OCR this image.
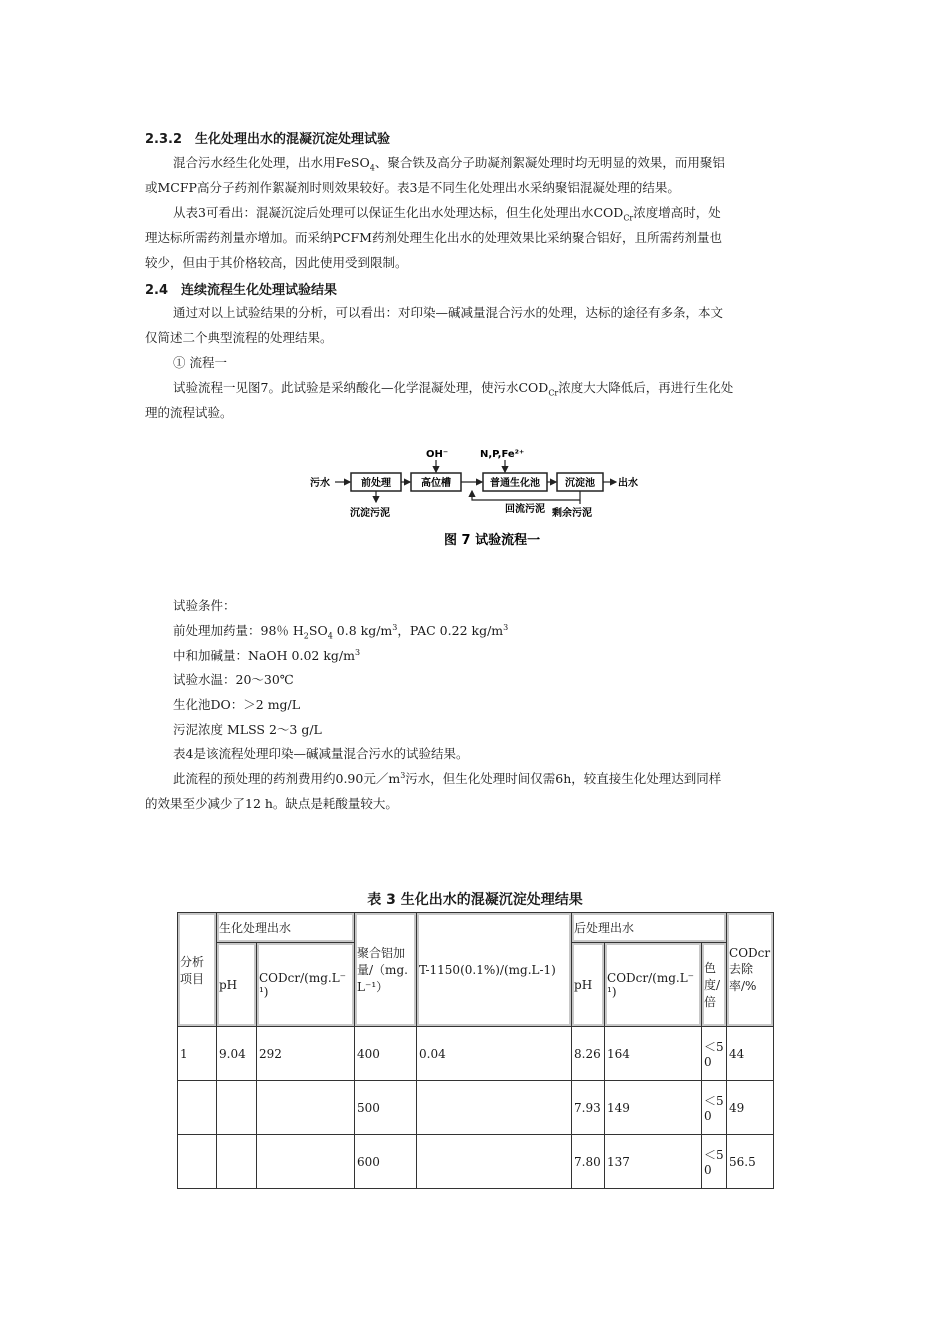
2.3.2　生化处理出水的混凝沉淀处理试验
混合污水经生化处理，出水用FeSO$_4$、聚合铁及高分子助凝剂絮凝处理时均无明显的效果，而用聚铝
或MCFP高分子药剂作絮凝剂时则效果较好。表3是不同生化处理出水采纳聚铝混凝处理的结果。
从表3可看出：混凝沉淀后处理可以保证生化出水处理达标，但生化处理出水$COD_{Cr}$浓度增高时，处
理达标所需药剂量亦增加。而采纳PCFM药剂处理生化出水的处理效果比采纳聚合铝好，且所需药剂量也
较少，但由于其价格较高，因此使用受到限制。
2.4　连续流程生化处理试验结果
通过对以上试验结果的分析，可以看出：对印染—碱减量混合污水的处理，达标的途径有多条，本文
仅简述二个典型流程的处理结果。
① 流程一
试验流程一见图7。此试验是采纳酸化—化学混凝处理，使污水$COD_{Cr}$浓度大大降低后，再进行生化处
理的流程试验。
污水	前处理	高位槽	普通生化池	沉淀池 出水
OH⁻	N,P,Fe²⁺
沉淀污泥	回流污泥 剩余污泥
图 7 试验流程一
试验条件：
前处理加药量：98％ $H_2SO_4$ 0.8 $kg/m^3$，PAC 0.22 $kg/m^3$
中和加碱量：NaOH 0.02 $kg/m^3$
试验水温：20～30℃
生化池DO：＞2 mg/L
污泥浓度 MLSS 2～3 g/L
表4是该流程处理印染—碱减量混合污水的试验结果。
此流程的预处理的药剂费用约0.90元$/m^3$污水，但生化处理时间仅需6h，较直接生化处理达到同样
的效果至少减少了12 h。缺点是耗酸量较大。
表 3 生化出水的混凝沉淀处理结果
分析项目	生化处理出水		聚合铝加量/（mg.L⁻¹）	T-1150(0.1%)/(mg.L-1)	后处理出水			CODcr去除率/%
	pH	CODcr/(mg.L⁻¹)			pH	CODcr/(mg.L⁻¹)	色度/倍	
1	9.04	292	400	0.04	8.26	164	＜50	44
			500		7.93	149	＜50	49
			600		7.80	137	＜50	56.5
